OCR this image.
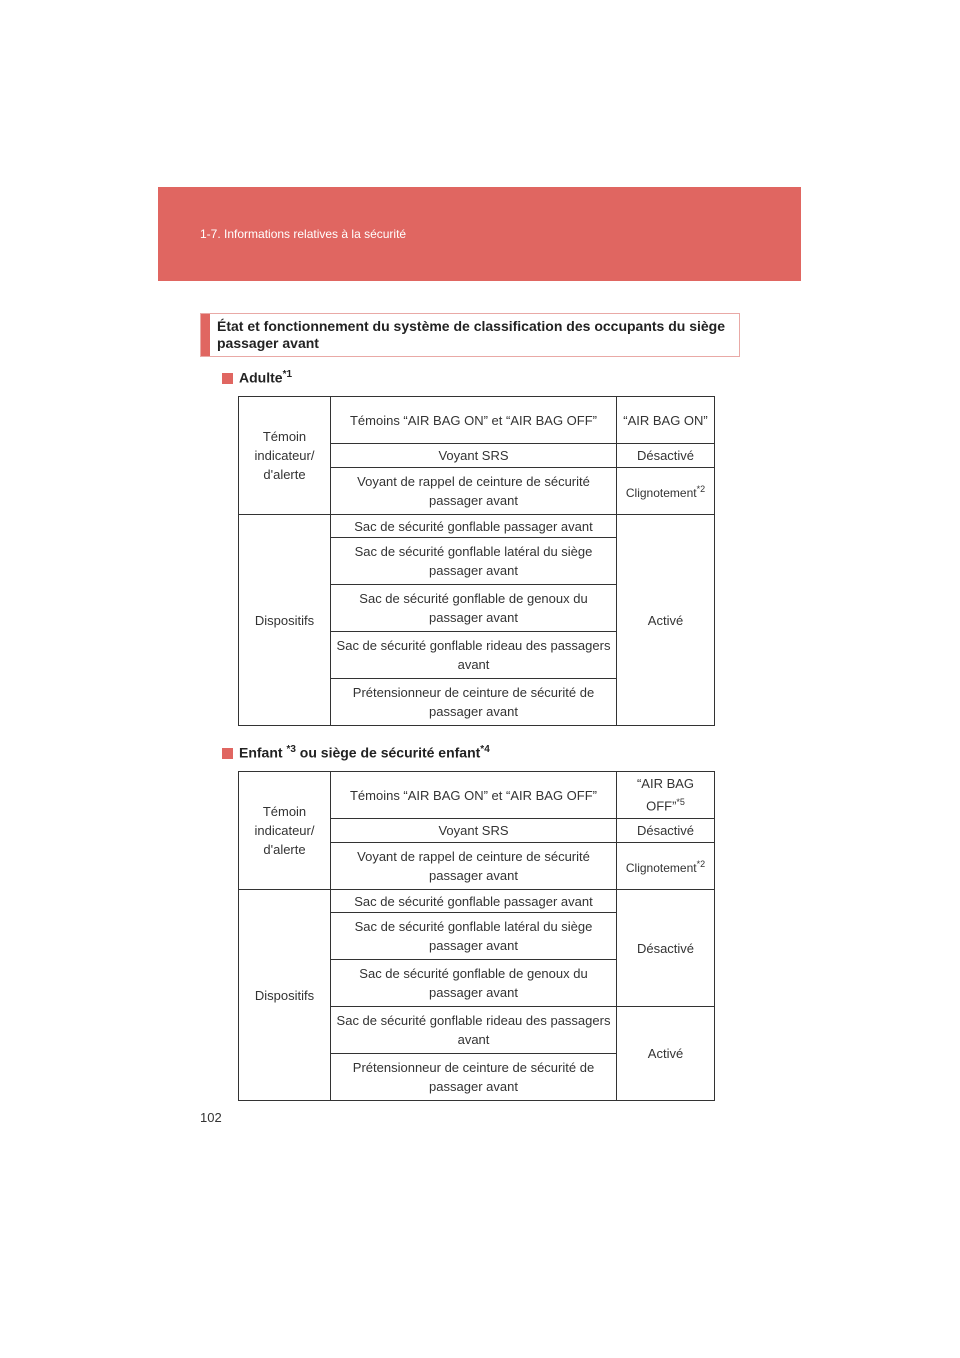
1-7. Informations relatives à la sécurité
État et fonctionnement du système de classification des occupants du siège passager avant
Adulte$^{*1}$
Témoin indicateur/ d'alerte	Témoins “AIR BAG ON” et “AIR BAG OFF”	“AIR BAG ON”
	Voyant SRS	Désactivé
	Voyant de rappel de ceinture de sécurité passager avant	Clignotement$^{*2}$
Dispositifs	Sac de sécurité gonflable passager avant	Activé
	Sac de sécurité gonflable latéral du siège passager avant	
	Sac de sécurité gonflable de genoux du passager avant	
	Sac de sécurité gonflable rideau des passagers avant	
	Prétensionneur de ceinture de sécurité de passager avant	
Enfant $^{*3}$ ou siège de sécurité enfant$^{*4}$
Témoin indicateur/ d'alerte	Témoins “AIR BAG ON” et “AIR BAG OFF”	“AIR BAG OFF”$^{*5}$
	Voyant SRS	Désactivé
	Voyant de rappel de ceinture de sécurité passager avant	Clignotement$^{*2}$
Dispositifs	Sac de sécurité gonflable passager avant	Désactivé
	Sac de sécurité gonflable latéral du siège passager avant	
	Sac de sécurité gonflable de genoux du passager avant	
	Sac de sécurité gonflable rideau des passagers avant	Activé
	Prétensionneur de ceinture de sécurité de passager avant	
102
